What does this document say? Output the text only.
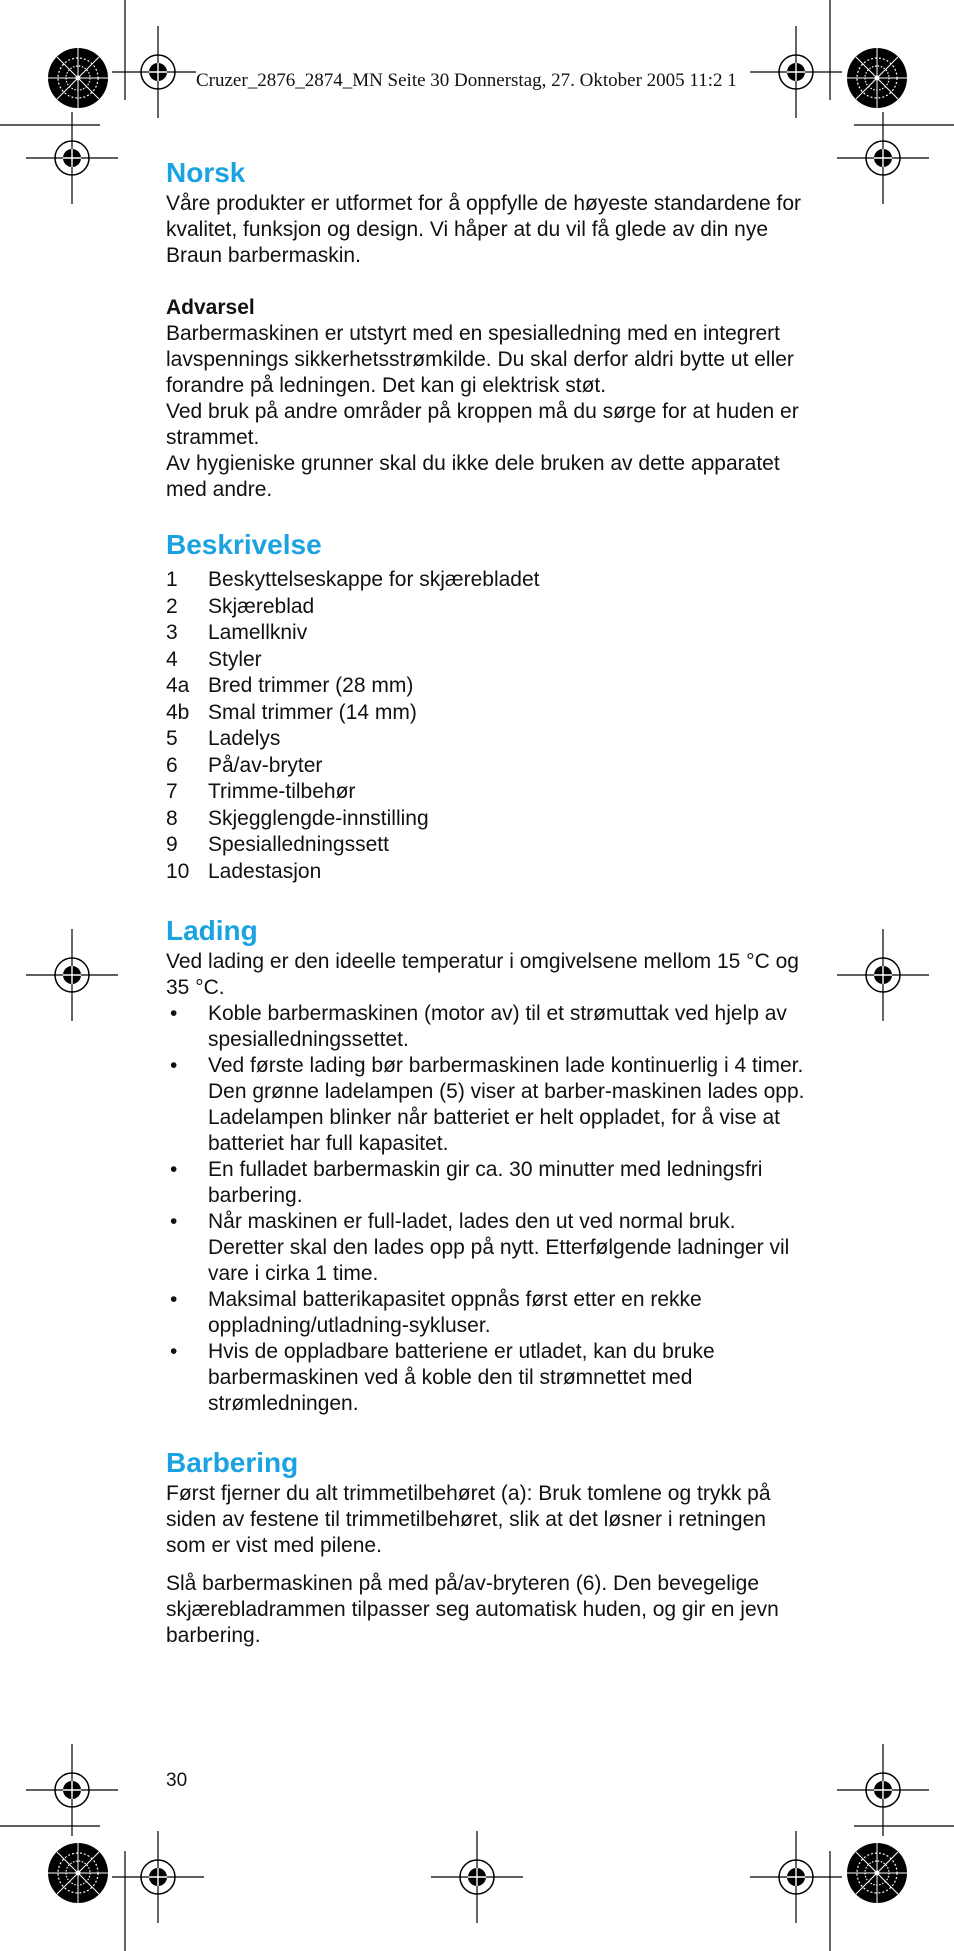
Cruzer_2876_2874_MN Seite 30 Donnerstag, 27. Oktober 2005 11:2 1
Norsk

Våre produkter er utformet for å oppfylle de høyeste standardene for kvalitet, funksjon og design. Vi håper at du vil få glede av din nye Braun barbermaskin.

Advarsel

Barbermaskinen er utstyrt med en spesialledning med en integrert lavspennings sikkerhetsstrømkilde. Du skal derfor aldri bytte ut eller forandre på ledningen. Det kan gi elektrisk støt.

Ved bruk på andre områder på kroppen må du sørge for at huden er strammet.

Av hygieniske grunner skal du ikke dele bruken av dette apparatet med andre.

Beskrivelse
1	Beskyttelseskappe for skjærebladet
2	Skjæreblad
3	Lamellkniv
4	Styler
4a Bred trimmer (28 mm)
4b Smal trimmer (14 mm)
5	Ladelys
6	På/av-bryter
7	Trimme-tilbehør
8	Skjegglengde-innstilling
9	Spesialledningssett
10 Ladestasjon
Lading

Ved lading er den ideelle temperatur i omgivelsene mellom 15 °C og 35 °C.

•	Koble barbermaskinen (motor av) til et strømuttak ved hjelp av spesialledningssettet.
•	Ved første lading bør barbermaskinen lade kontinuerlig i 4 timer. Den grønne ladelampen (5) viser at barber-maskinen lades opp. Ladelampen blinker når batteriet er helt oppladet, for å vise at batteriet har full kapasitet.
•	En fulladet barbermaskin gir ca. 30 minutter med ledningsfri barbering.
•	Når maskinen er full-ladet, lades den ut ved normal bruk. Deretter skal den lades opp på nytt. Etterfølgende ladninger vil vare i cirka 1 time.
•	Maksimal batterikapasitet oppnås først etter en rekke oppladning/utladning-sykluser.
•	Hvis de oppladbare batteriene er utladet, kan du bruke barbermaskinen ved å koble den til strømnettet med strømledningen.
Barbering

Først fjerner du alt trimmetilbehøret (a): Bruk tomlene og trykk på siden av festene til trimmetilbehøret, slik at det løsner i retningen som er vist med pilene.

Slå barbermaskinen på med på/av-bryteren (6). Den bevegelige skjærebladrammen tilpasser seg automatisk huden, og gir en jevn barbering.

30
